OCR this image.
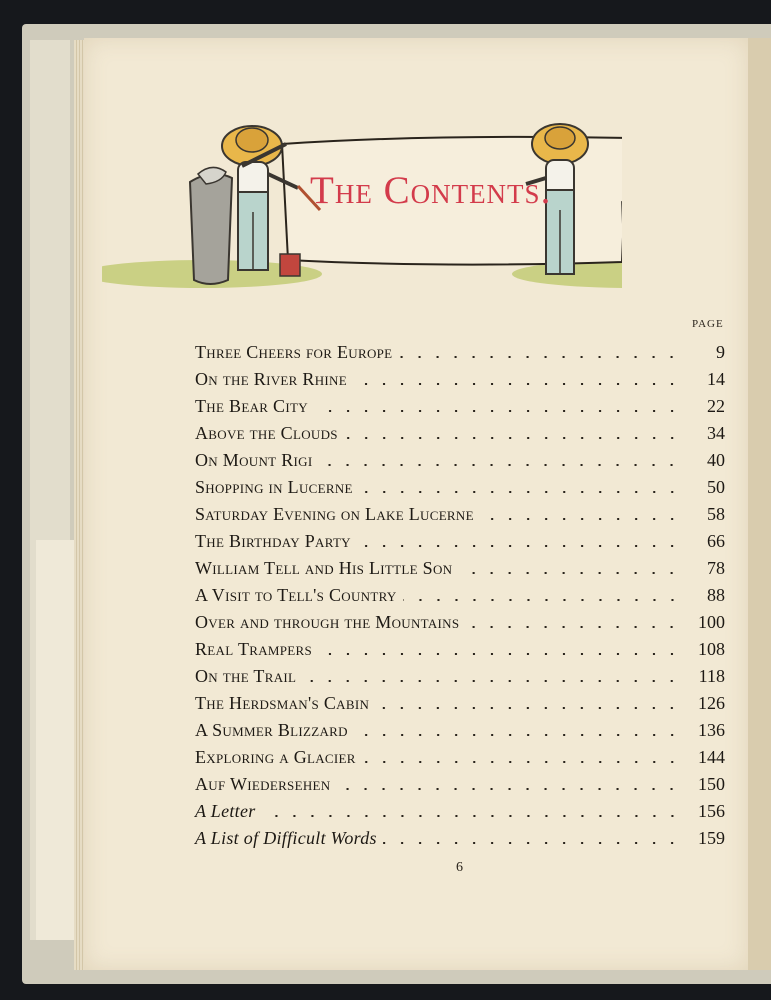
The Contents.
PAGE
Three Cheers for Europe	9
On the River Rhine	14
The Bear City	22
Above the Clouds	34
On Mount Rigi	40
Shopping in Lucerne	50
Saturday Evening on Lake Lucerne	58
The Birthday Party	66
William Tell and His Little Son	78
A Visit to Tell's Country	88
Over and through the Mountains	100
Real Trampers	108
On the Trail	118
The Herdsman's Cabin	126
A Summer Blizzard	136
Exploring a Glacier	144
Auf Wiedersehen	150
A Letter	156
A List of Difficult Words	159
6
